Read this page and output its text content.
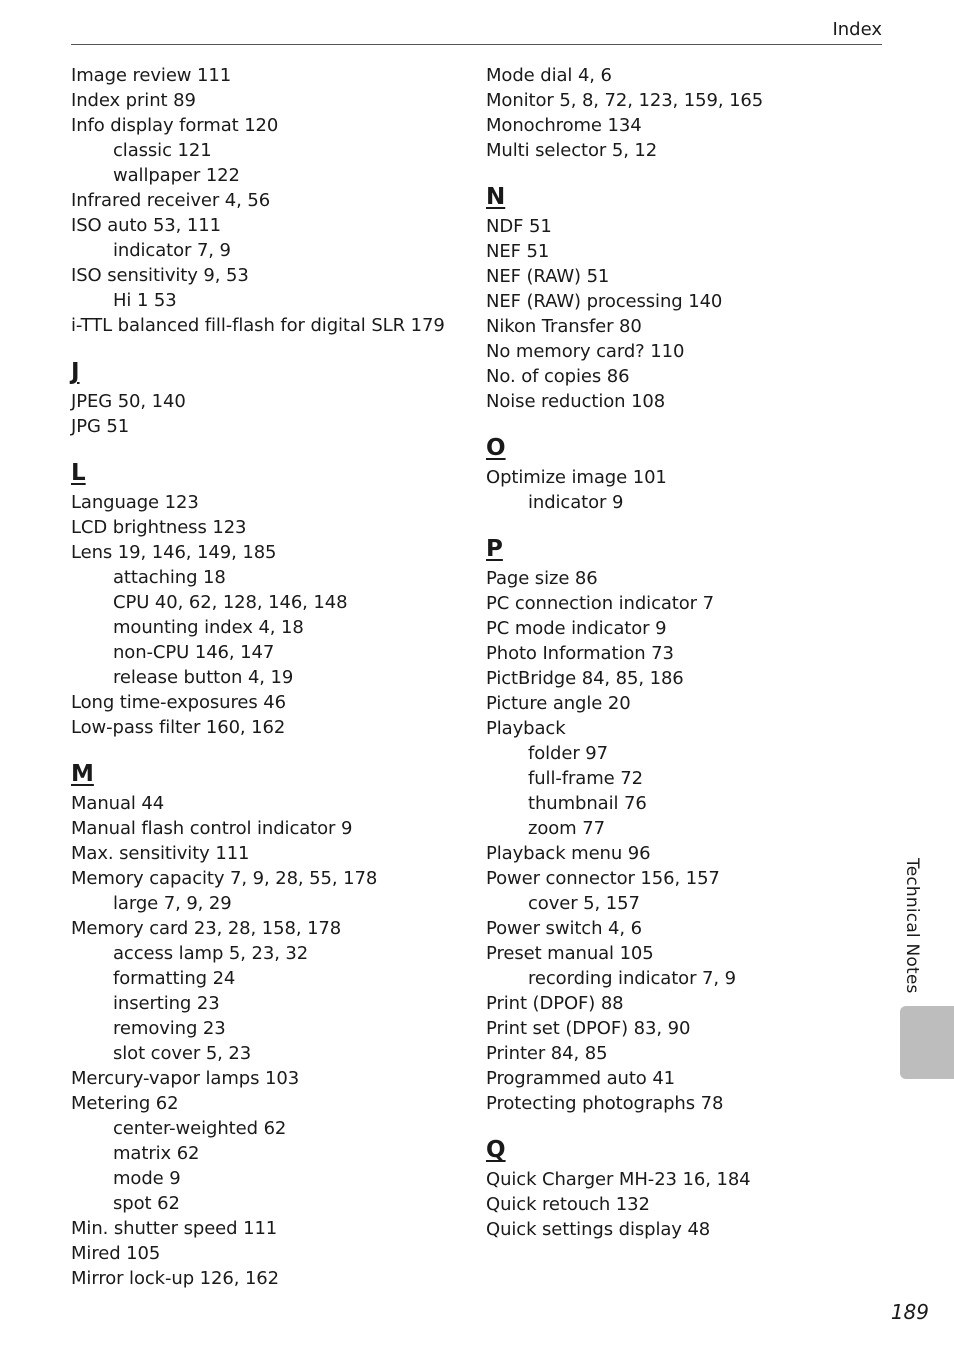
Index
Image review 111
Index print 89
Info display format 120
classic 121
wallpaper 122
Infrared receiver 4, 56
ISO auto 53, 111
indicator 7, 9
ISO sensitivity 9, 53
Hi 1 53
i-TTL balanced fill-flash for digital SLR 179
J
JPEG 50, 140
JPG 51
L
Language 123
LCD brightness 123
Lens 19, 146, 149, 185
attaching 18
CPU 40, 62, 128, 146, 148
mounting index 4, 18
non-CPU 146, 147
release button 4, 19
Long time-exposures 46
Low-pass filter 160, 162
M
Manual 44
Manual flash control indicator 9
Max. sensitivity 111
Memory capacity 7, 9, 28, 55, 178
large 7, 9, 29
Memory card 23, 28, 158, 178
access lamp 5, 23, 32
formatting 24
inserting 23
removing 23
slot cover 5, 23
Mercury-vapor lamps 103
Metering 62
center-weighted 62
matrix 62
mode 9
spot 62
Min. shutter speed 111
Mired 105
Mirror lock-up 126, 162
Mode dial 4, 6
Monitor 5, 8, 72, 123, 159, 165
Monochrome 134
Multi selector 5, 12
N
NDF 51
NEF 51
NEF (RAW) 51
NEF (RAW) processing 140
Nikon Transfer 80
No memory card? 110
No. of copies 86
Noise reduction 108
O
Optimize image 101
indicator 9
P
Page size 86
PC connection indicator 7
PC mode indicator 9
Photo Information 73
PictBridge 84, 85, 186
Picture angle 20
Playback
folder 97
full-frame 72
thumbnail 76
zoom 77
Playback menu 96
Power connector 156, 157
cover 5, 157
Power switch 4, 6
Preset manual 105
recording indicator 7, 9
Print (DPOF) 88
Print set (DPOF) 83, 90
Printer 84, 85
Programmed auto 41
Protecting photographs 78
Q
Quick Charger MH-23 16, 184
Quick retouch 132
Quick settings display 48
Technical Notes
189
